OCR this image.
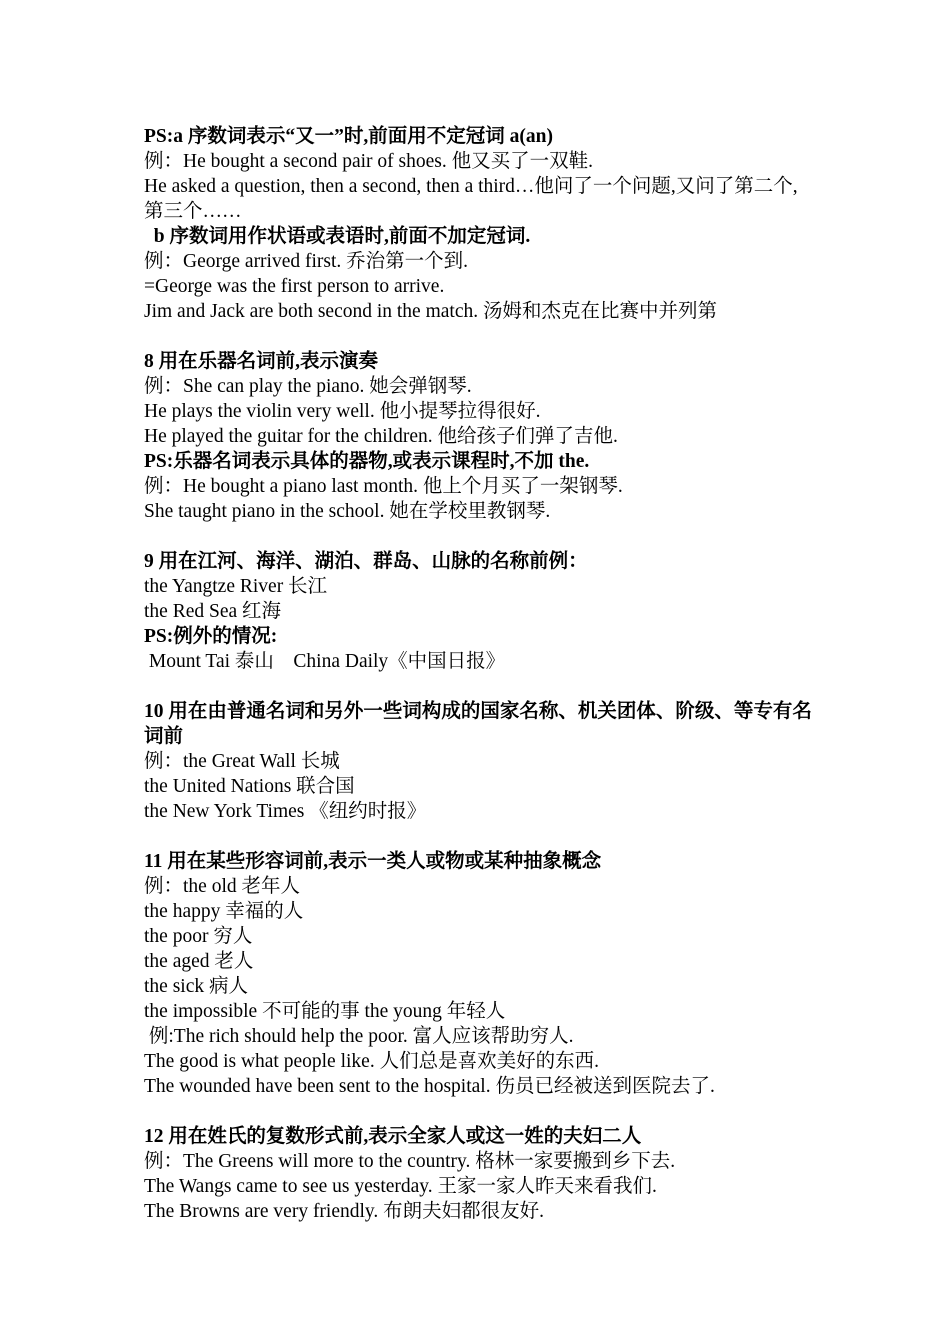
PS:a 序数词表示“又一”时,前面用不定冠词 a(an)
例：He bought a second pair of shoes. 他又买了一双鞋.
He asked a question, then a second, then a third…他问了一个问题,又问了第二个,第三个……
b 序数词用作状语或表语时,前面不加定冠词.
例：George arrived first. 乔治第一个到.
=George was the first person to arrive.
Jim and Jack are both second in the match. 汤姆和杰克在比赛中并列第
8 用在乐器名词前,表示演奏
例：She can play the piano. 她会弹钢琴.
He plays the violin very well. 他小提琴拉得很好.
He played the guitar for the children. 他给孩子们弹了吉他.
PS:乐器名词表示具体的器物,或表示课程时,不加 the.
例：He bought a piano last month. 他上个月买了一架钢琴.
She taught piano in the school. 她在学校里教钢琴.
9 用在江河、海洋、湖泊、群岛、山脉的名称前例：
the Yangtze River 长江
the Red Sea 红海
PS:例外的情况:
Mount Tai 泰山    China Daily《中国日报》
10 用在由普通名词和另外一些词构成的国家名称、机关团体、阶级、等专有名词前
例：the Great Wall 长城
the United Nations 联合国
the New York Times 《纽约时报》
11 用在某些形容词前,表示一类人或物或某种抽象概念
例：the old 老年人
the happy 幸福的人
the poor 穷人
the aged 老人
the sick 病人
the impossible 不可能的事 the young 年轻人
例:The rich should help the poor. 富人应该帮助穷人.
The good is what people like. 人们总是喜欢美好的东西.
The wounded have been sent to the hospital. 伤员已经被送到医院去了.
12 用在姓氏的复数形式前,表示全家人或这一姓的夫妇二人
例：The Greens will more to the country. 格林一家要搬到乡下去.
The Wangs came to see us yesterday. 王家一家人昨天来看我们.
The Browns are very friendly. 布朗夫妇都很友好.
